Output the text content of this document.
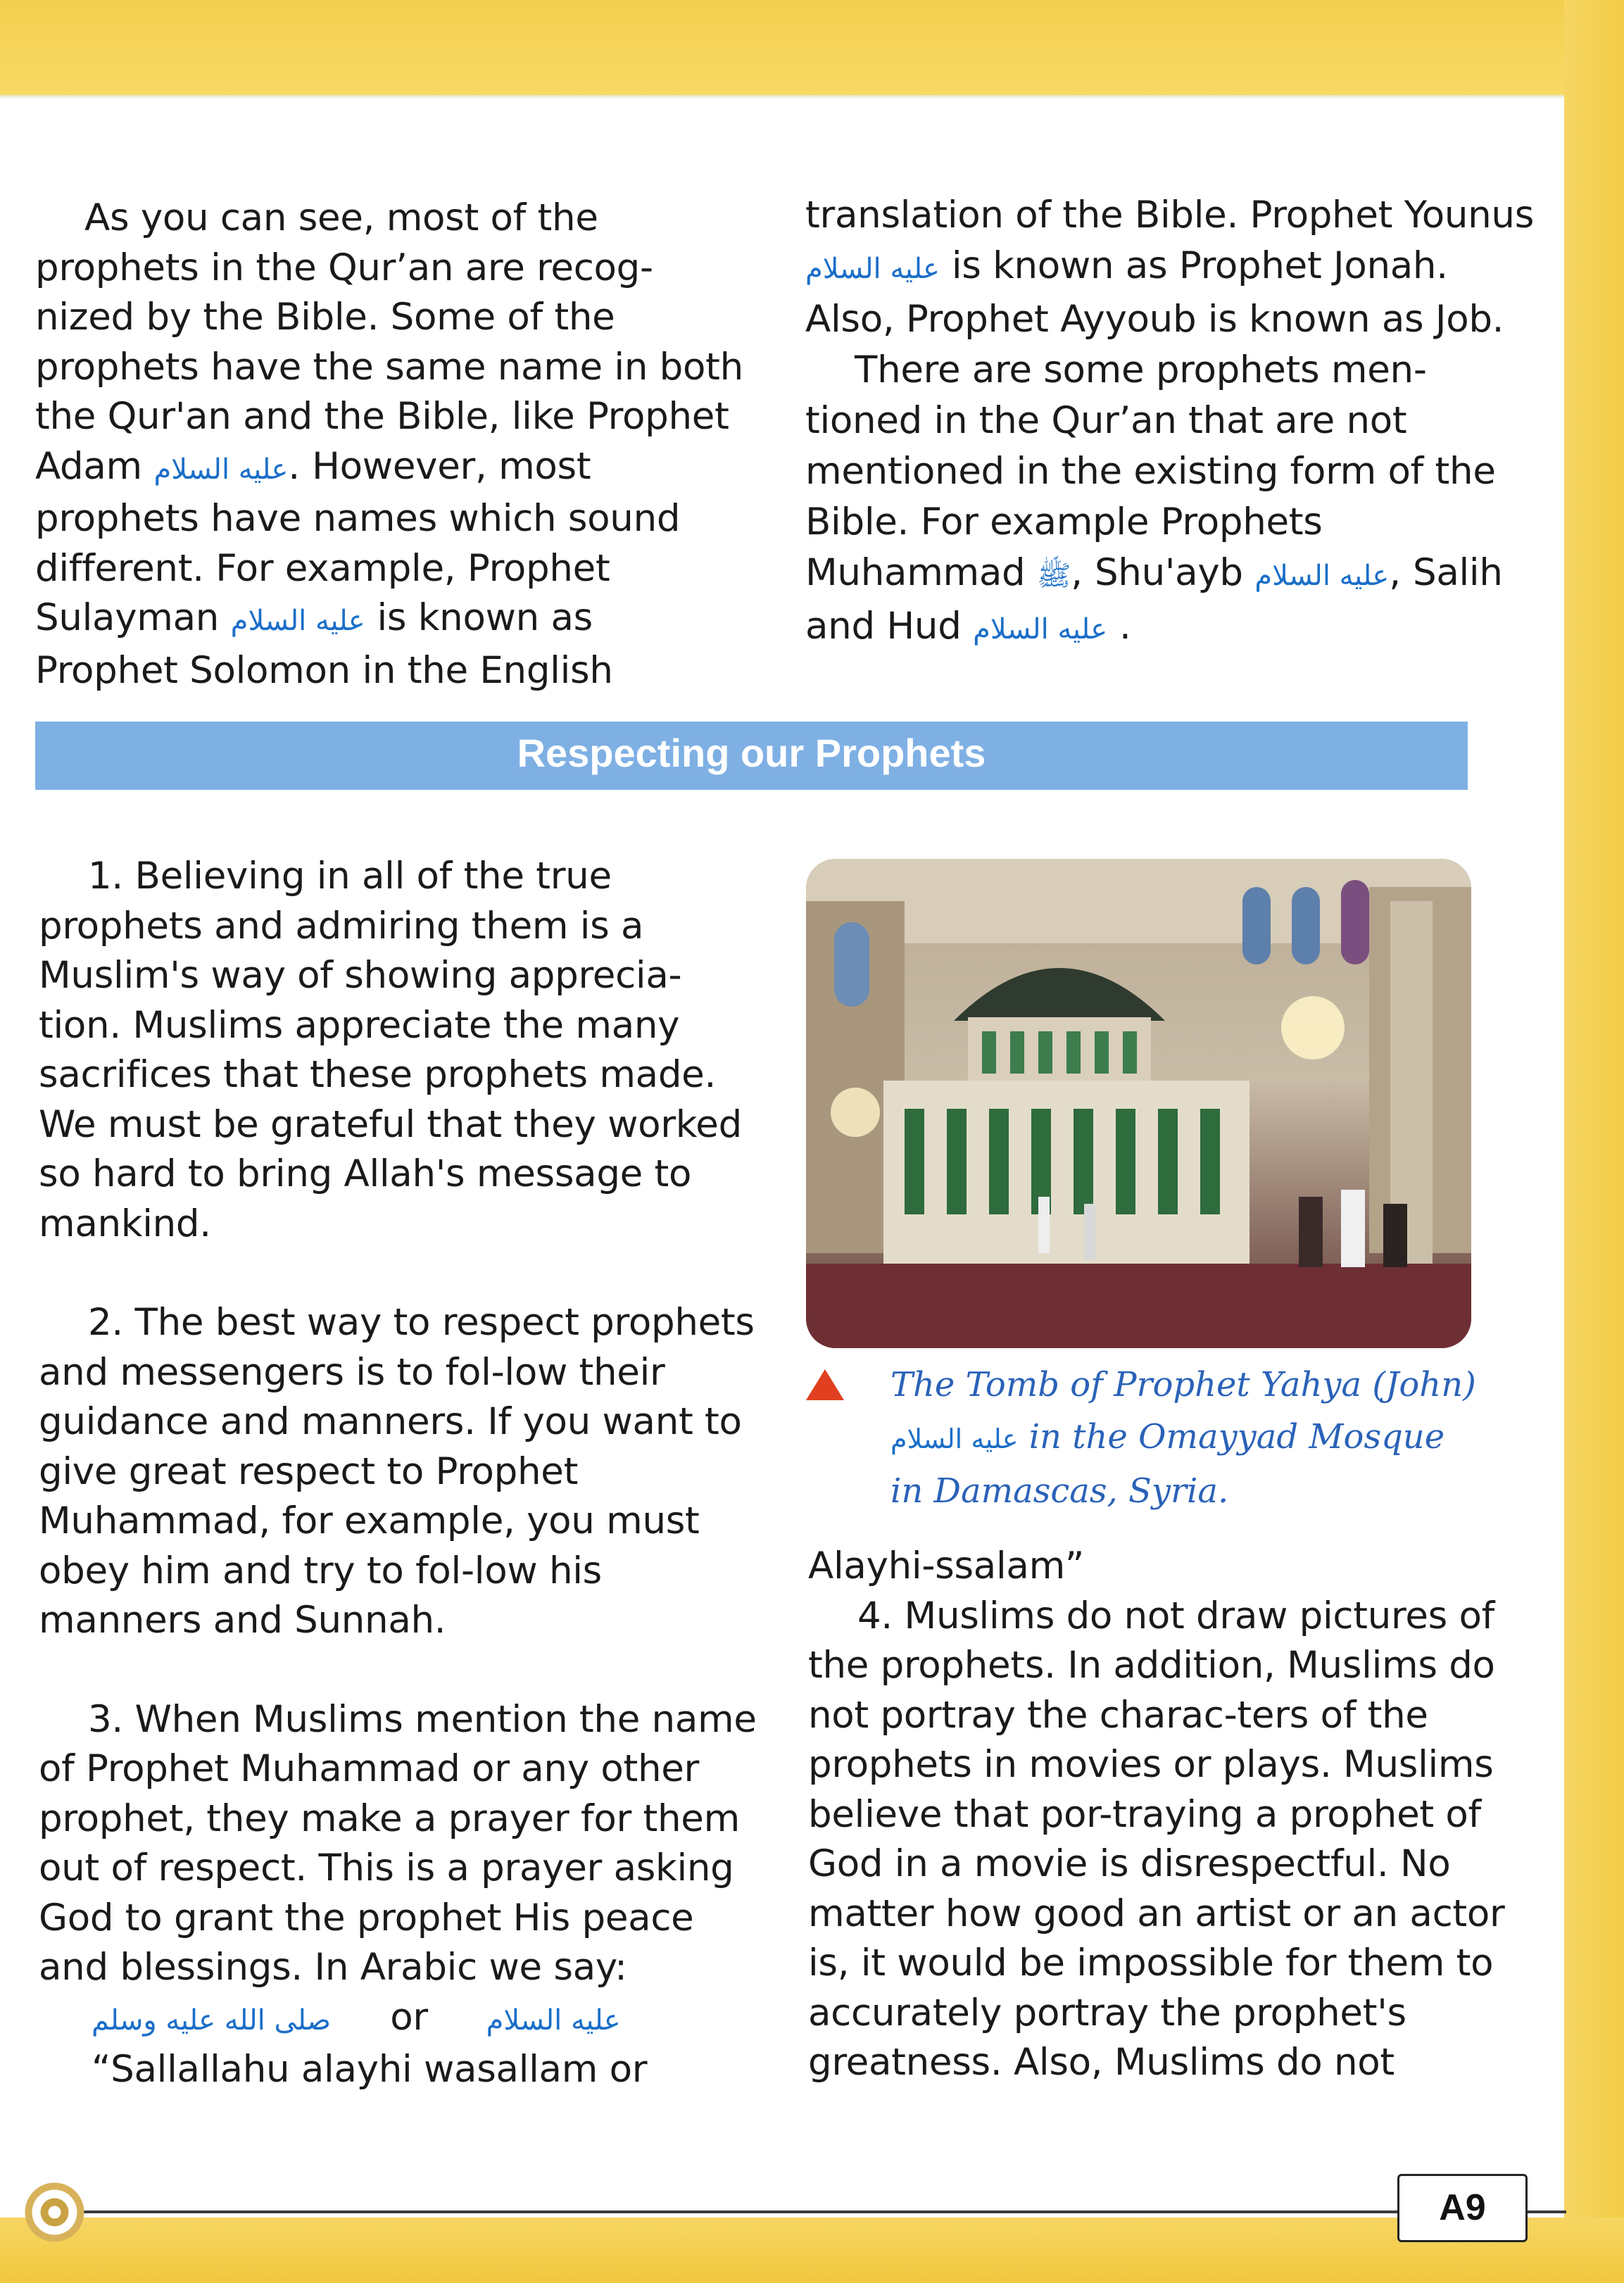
As you can see, most of the prophets in the Qur’an are recog-nized by the Bible. Some of the prophets have the same name in both the Qur'an and the Bible, like Prophet Adam عليه السلام. However, most prophets have names which sound different. For example, Prophet Sulayman عليه السلام is known as Prophet Solomon in the English

translation of the Bible. Prophet Younus عليه السلام is known as Prophet Jonah. Also, Prophet Ayyoub is known as Job.

There are some prophets men-tioned in the Qur’an that are not mentioned in the existing form of the Bible. For example Prophets Muhammad ﷺ, Shu'ayb عليه السلام, Salih and Hud عليه السلام .

Respecting our Prophets

1. Believing in all of the true prophets and admiring them is a Muslim's way of showing apprecia-tion. Muslims appreciate the many sacrifices that these prophets made. We must be grateful that they worked so hard to bring Allah's message to mankind.

2. The best way to respect prophets and messengers is to fol-low their guidance and manners. If you want to give great respect to Prophet Muhammad, for example, you must obey him and try to fol-low his manners and Sunnah.

3. When Muslims mention the name of Prophet Muhammad or any other prophet, they make a prayer for them out of respect. This is a prayer asking God to grant the prophet His peace and blessings. In Arabic we say:

صلى الله عليه وسلم or عليه السلام

“Sallallahu alayhi wasallam or

The Tomb of Prophet Yahya (John) عليه السلام in the Omayyad Mosque in Damascas, Syria.

Alayhi-ssalam”

4. Muslims do not draw pictures of the prophets. In addition, Muslims do not portray the charac-ters of the prophets in movies or plays. Muslims believe that por-traying a prophet of God in a movie is disrespectful. No matter how good an artist or an actor is, it would be impossible for them to accurately portray the prophet's greatness. Also, Muslims do not

A9
